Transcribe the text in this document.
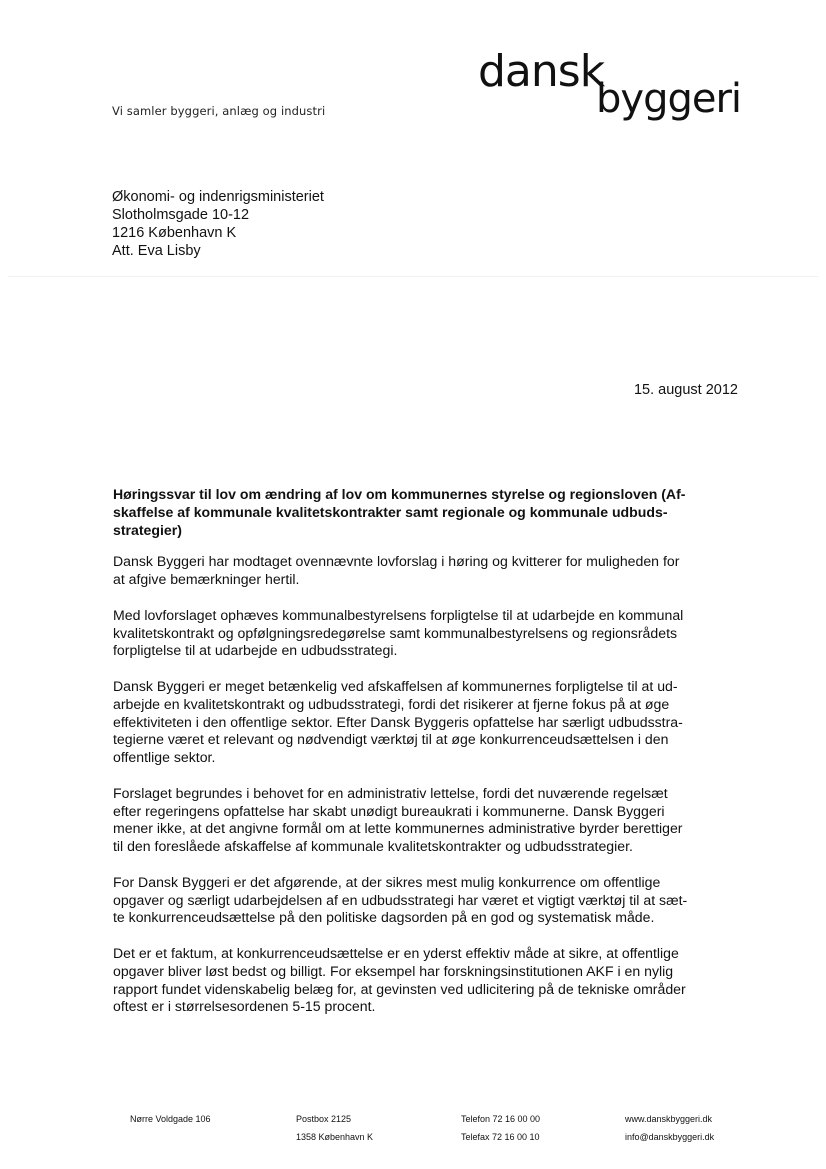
Vi samler byggeri, anlæg og industri
dansk
byggeri
Økonomi- og indenrigsministeriet
Slotholmsgade 10-12
1216 København K
Att. Eva Lisby
15. august 2012
Høringssvar til lov om ændring af lov om kommunernes styrelse og regionsloven (Af-
skaffelse af kommunale kvalitetskontrakter samt regionale og kommunale udbuds-
strategier)
Dansk Byggeri har modtaget ovennævnte lovforslag i høring og kvitterer for muligheden for
at afgive bemærkninger hertil.
Med lovforslaget ophæves kommunalbestyrelsens forpligtelse til at udarbejde en kommunal
kvalitetskontrakt og opfølgningsredegørelse samt kommunalbestyrelsens og regionsrådets
forpligtelse til at udarbejde en udbudsstrategi.
Dansk Byggeri er meget betænkelig ved afskaffelsen af kommunernes forpligtelse til at ud-
arbejde en kvalitetskontrakt og udbudsstrategi, fordi det risikerer at fjerne fokus på at øge
effektiviteten i den offentlige sektor. Efter Dansk Byggeris opfattelse har særligt udbudsstra-
tegierne været et relevant og nødvendigt værktøj til at øge konkurrenceudsættelsen i den
offentlige sektor.
Forslaget begrundes i behovet for en administrativ lettelse, fordi det nuværende regelsæt
efter regeringens opfattelse har skabt unødigt bureaukrati i kommunerne. Dansk Byggeri
mener ikke, at det angivne formål om at lette kommunernes administrative byrder berettiger
til den foreslåede afskaffelse af kommunale kvalitetskontrakter og udbudsstrategier.
For Dansk Byggeri er det afgørende, at der sikres mest mulig konkurrence om offentlige
opgaver og særligt udarbejdelsen af en udbudsstrategi har været et vigtigt værktøj til at sæt-
te konkurrenceudsættelse på den politiske dagsorden på en god og systematisk måde.
Det er et faktum, at konkurrenceudsættelse er en yderst effektiv måde at sikre, at offentlige
opgaver bliver løst bedst og billigt. For eksempel har forskningsinstitutionen AKF i en nylig
rapport fundet videnskabelig belæg for, at gevinsten ved udlicitering på de tekniske områder
oftest er i størrelsesordenen 5-15 procent.
Nørre Voldgade 106	Postbox 2125
1358 København K
Telefon 72 16 00 00
Telefax 72 16 00 10
www.danskbyggeri.dk
info@danskbyggeri.dk
